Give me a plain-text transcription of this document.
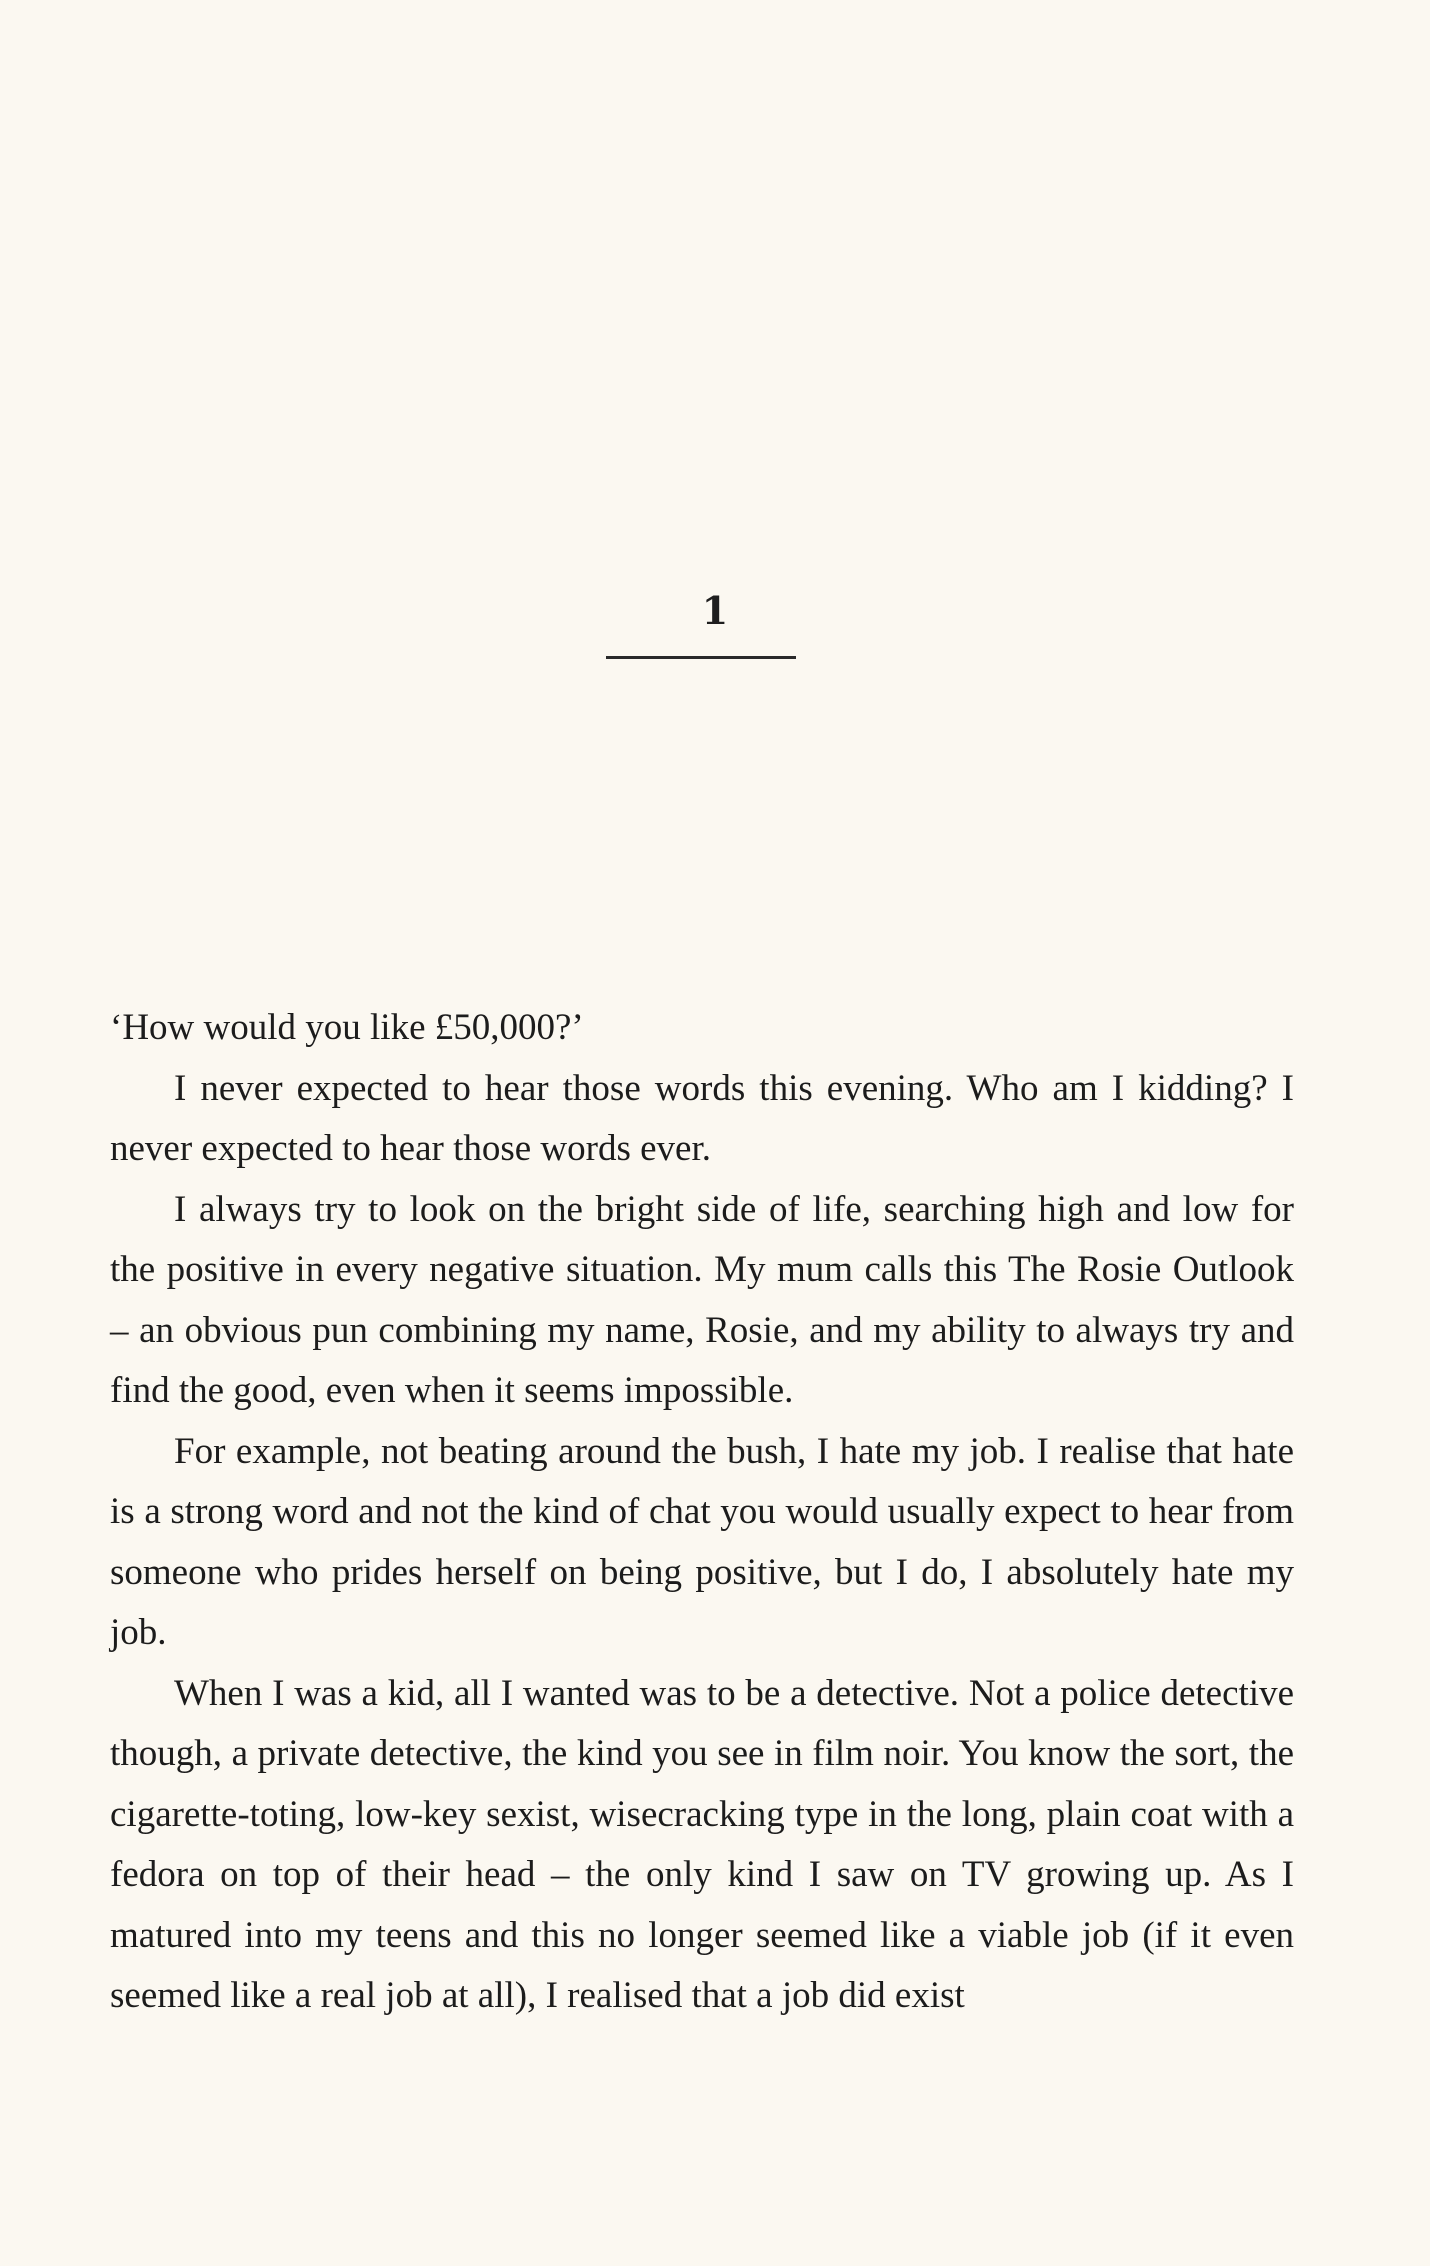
1

‘How would you like £50,000?’

I never expected to hear those words this evening. Who am I kidding? I never expected to hear those words ever.

I always try to look on the bright side of life, searching high and low for the positive in every negative situation. My mum calls this The Rosie Outlook – an obvious pun combining my name, Rosie, and my ability to always try and find the good, even when it seems impossible.

For example, not beating around the bush, I hate my job. I realise that hate is a strong word and not the kind of chat you would usually expect to hear from someone who prides herself on being positive, but I do, I absolutely hate my job.

When I was a kid, all I wanted was to be a detective. Not a police detective though, a private detective, the kind you see in film noir. You know the sort, the cigarette-toting, low-key sexist, wisecracking type in the long, plain coat with a fedora on top of their head – the only kind I saw on TV growing up. As I matured into my teens and this no longer seemed like a viable job (if it even seemed like a real job at all), I realised that a job did exist
